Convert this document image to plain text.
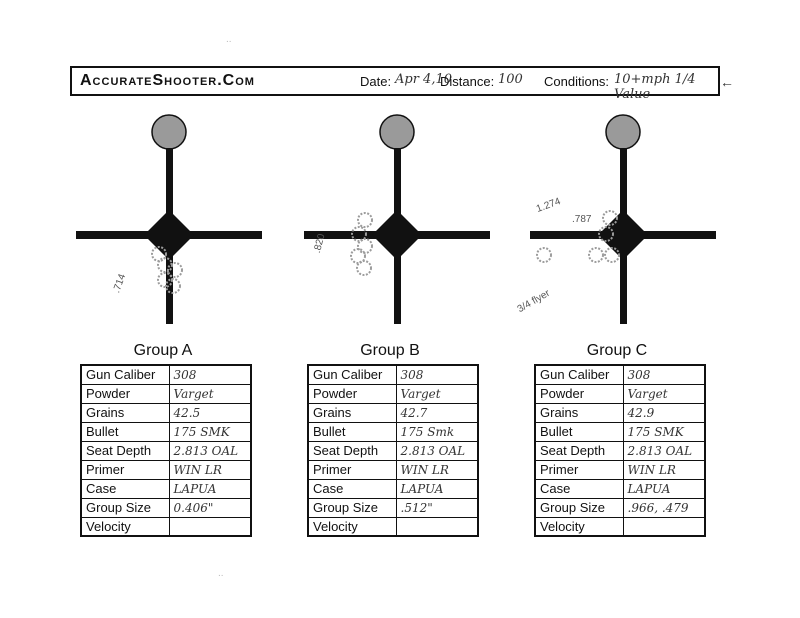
AccurateShooter.Com	Date: Apr 4,10
Distance: 100 Conditions: 10+mph 1/4 Value
←
.714
.820
1.274
.787
3/4 flyer
Group A	Group B	Group C
Gun Caliber	308
Powder	Varget
Grains	42.5
Bullet	175 SMK
Seat Depth	2.813 OAL
Primer	WIN LR
Case	LAPUA
Group Size	0.406"
Velocity	
Gun Caliber	308
Powder	Varget
Grains	42.7
Bullet	175 Smk
Seat Depth	2.813 OAL
Primer	WIN LR
Case	LAPUA
Group Size	.512"
Velocity	
Gun Caliber	308
Powder	Varget
Grains	42.9
Bullet	175 SMK
Seat Depth	2.813 OAL
Primer	WIN LR
Case	LAPUA
Group Size	.966, .479
Velocity	
..
..
